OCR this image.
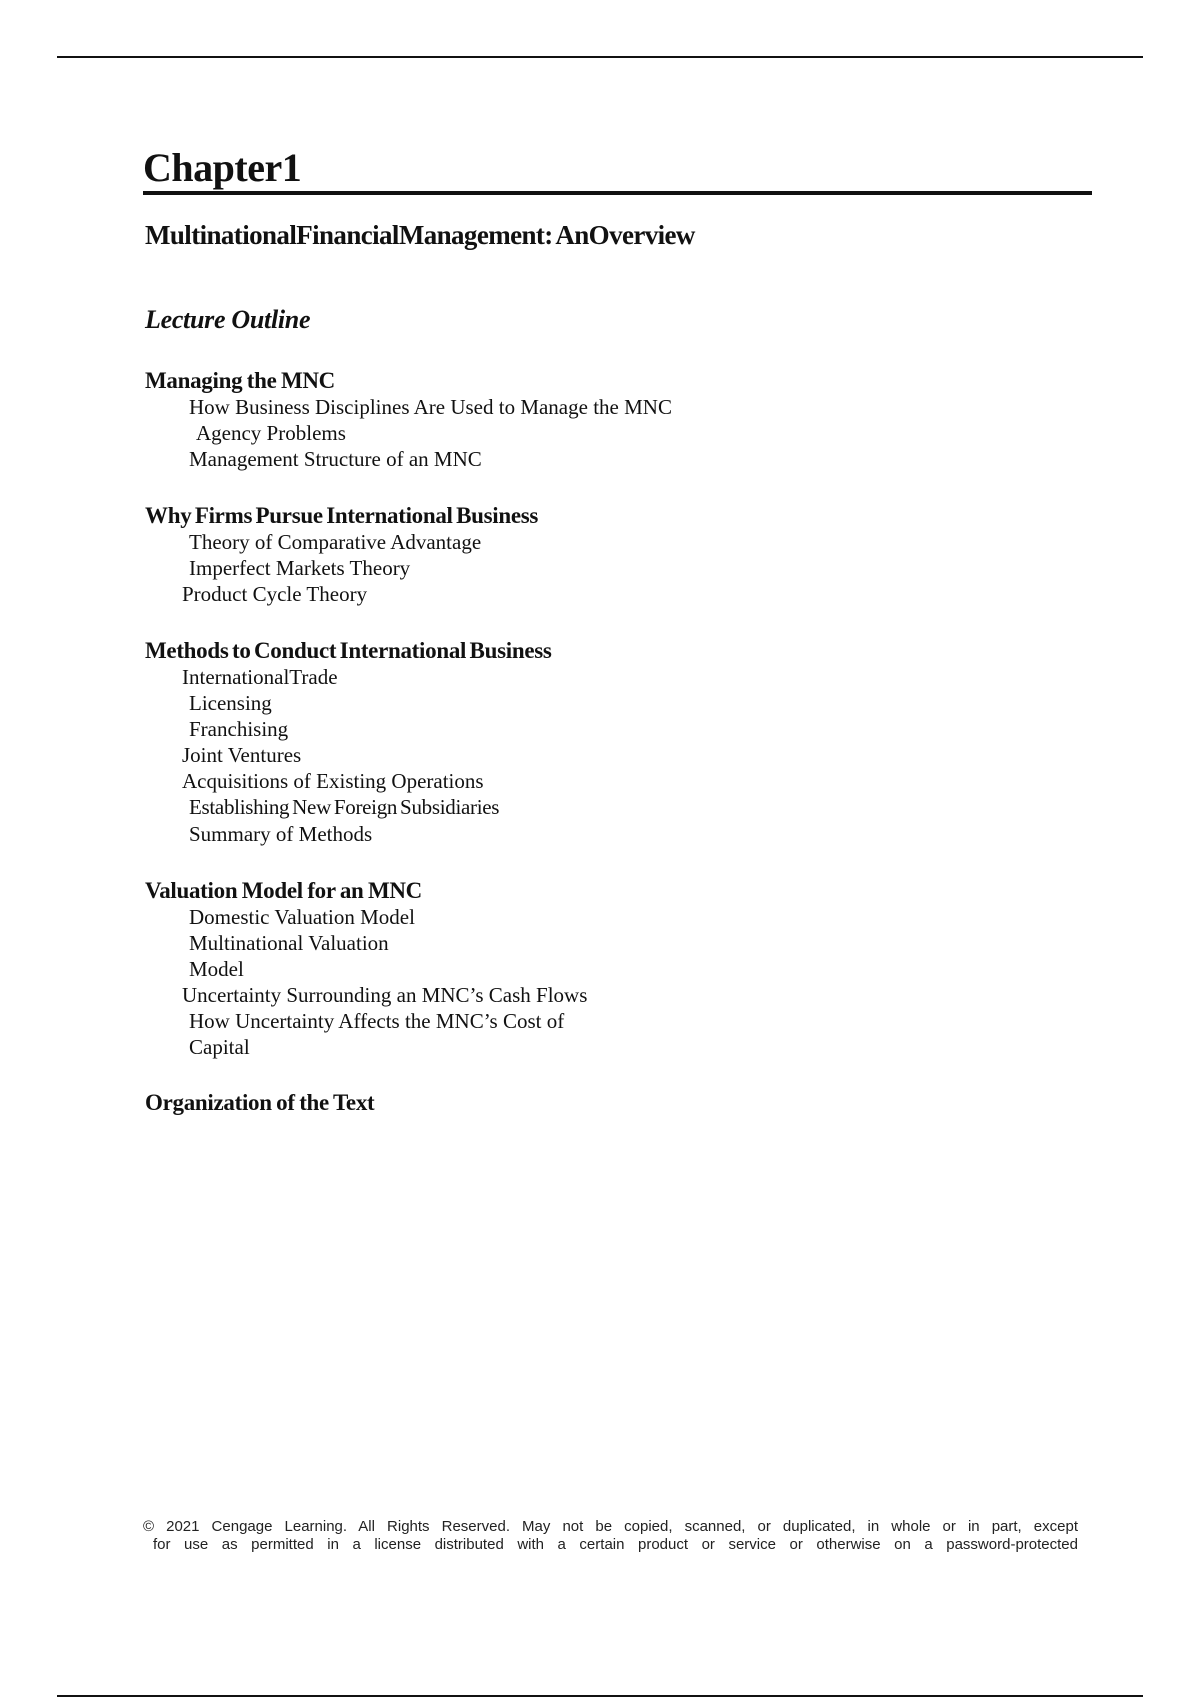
Chapter1
MultinationalFinancialManagement: AnOverview
Lecture Outline
Managing the MNC
How Business Disciplines Are Used to Manage the MNC
Agency Problems
Management Structure of an MNC
Why Firms Pursue International Business
Theory of Comparative Advantage
Imperfect Markets Theory
Product Cycle Theory
Methods to Conduct International Business
InternationalTrade
Licensing
Franchising
Joint Ventures
Acquisitions of Existing Operations
Establishing New Foreign Subsidiaries
Summary of Methods
Valuation Model for an MNC
Domestic Valuation Model
Multinational Valuation
Model
Uncertainty Surrounding an MNC’s Cash Flows
How Uncertainty Affects the MNC’s Cost of
Capital
Organization of the Text
© 2021 Cengage Learning. All Rights Reserved. May not be copied, scanned, or duplicated, in whole or in part, except
for use as permitted in a license distributed with a certain product or service or otherwise on a password-protected
